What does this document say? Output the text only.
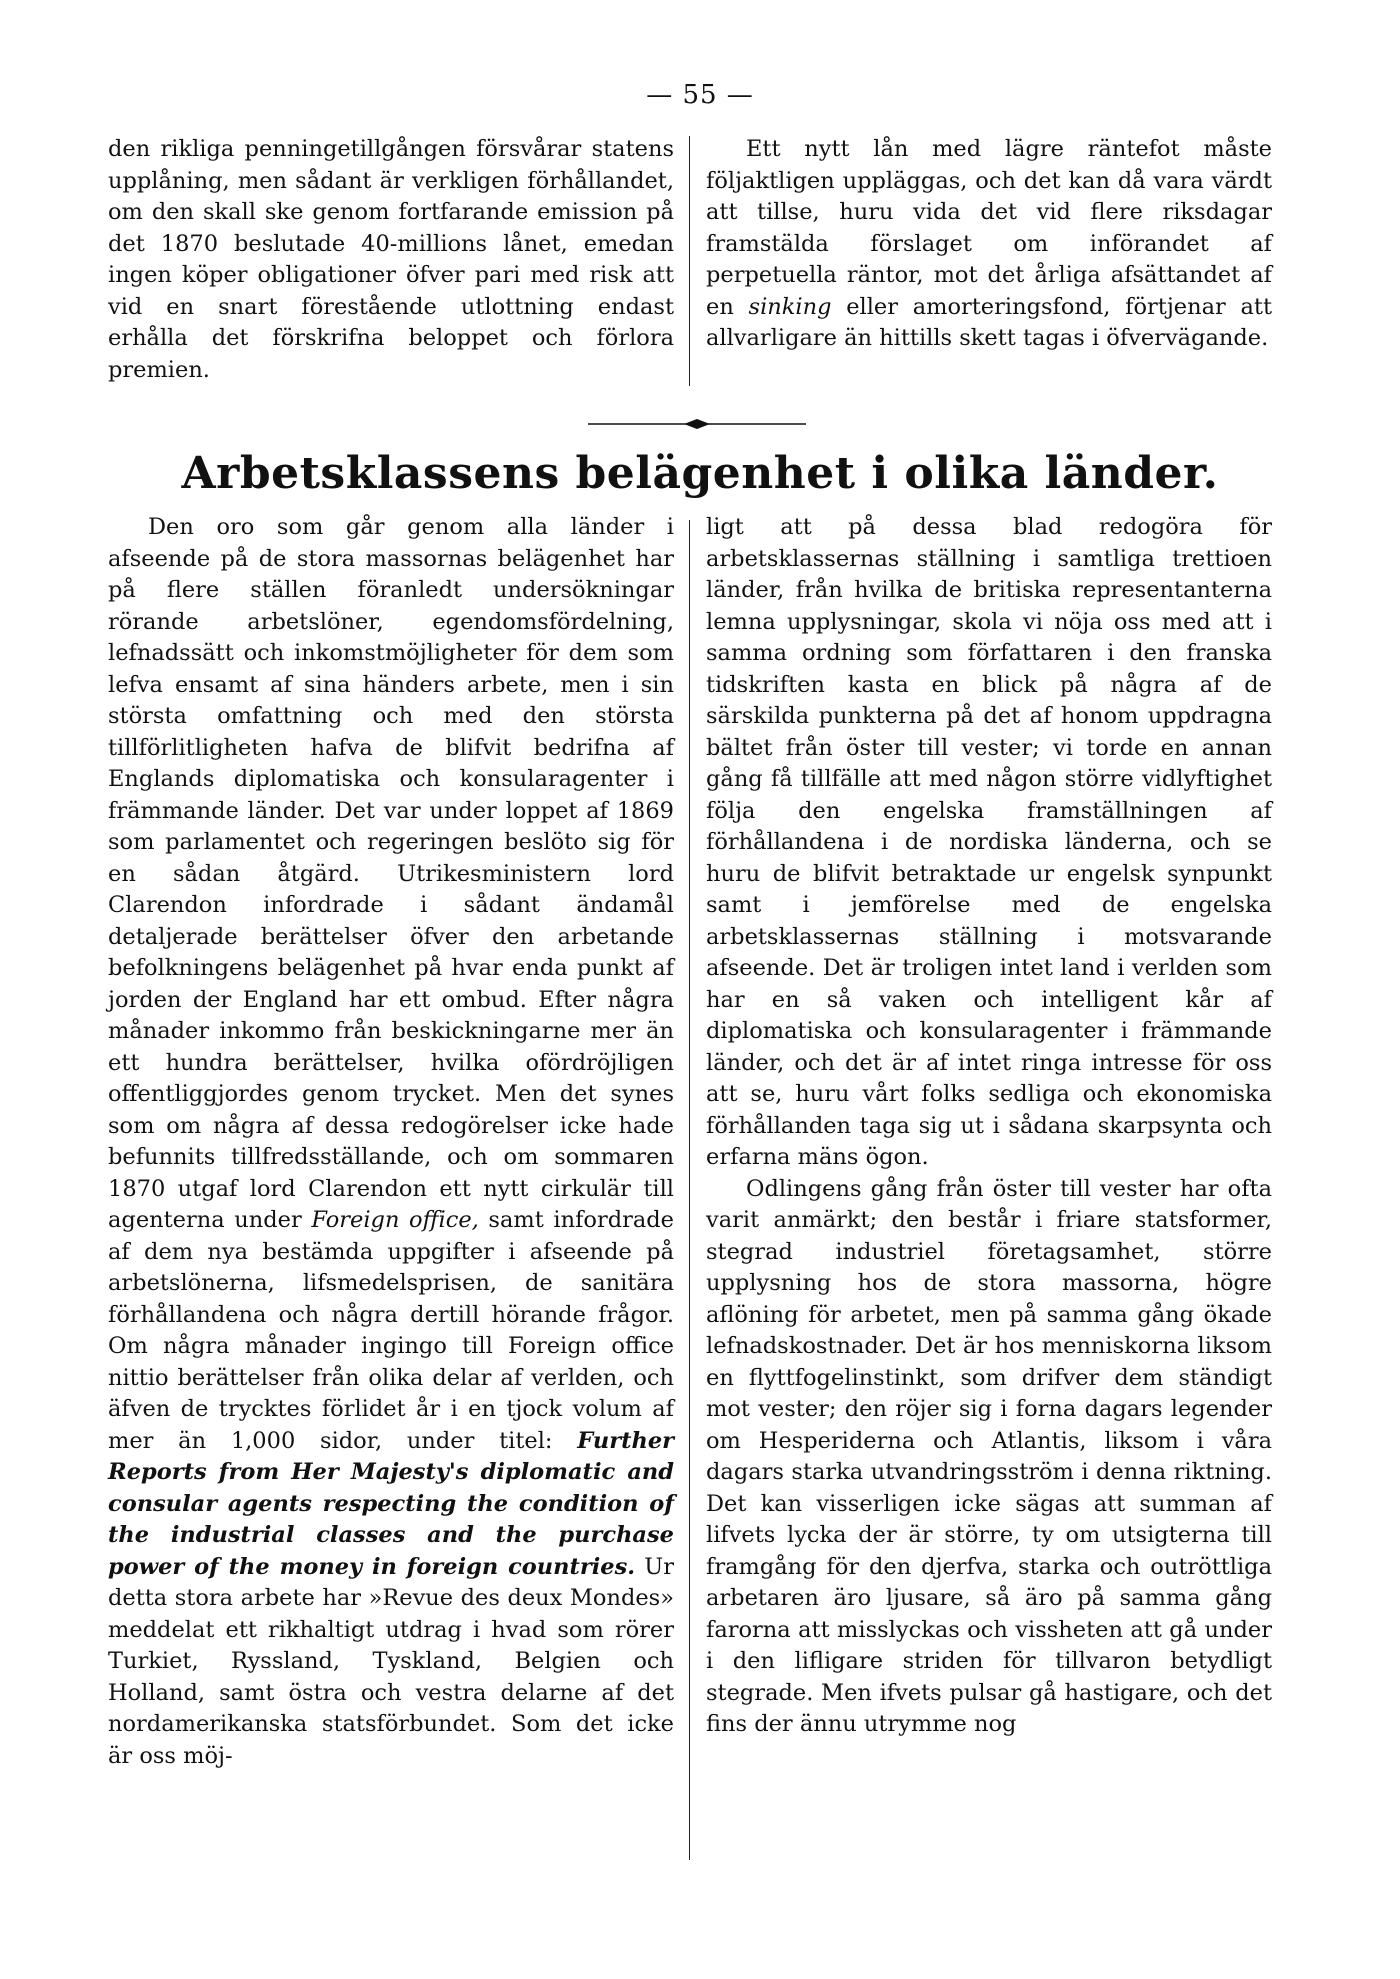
— 55 —

den rikliga penningetillgången försvårar statens upplåning, men sådant är verkligen förhållandet, om den skall ske genom fortfarande emission på det 1870 beslutade 40-millions lånet, emedan ingen köper obligationer öfver pari med risk att vid en snart förestående utlottning endast erhålla det förskrifna beloppet och förlora premien.

Ett nytt lån med lägre räntefot måste följaktligen uppläggas, och det kan då vara värdt att tillse, huru vida det vid flere riksdagar framstälda förslaget om införandet af perpetuella räntor, mot det årliga afsättandet af en sinking eller amorteringsfond, förtjenar att allvarligare än hittills skett tagas i öfvervägande.

Arbetsklassens belägenhet i olika länder.

Den oro som går genom alla länder i afseende på de stora massornas belägenhet har på flere ställen föranledt undersökningar rörande arbetslöner, egendomsfördelning, lefnadssätt och inkomstmöjligheter för dem som lefva ensamt af sina händers arbete, men i sin största omfattning och med den största tillförlitligheten hafva de blifvit bedrifna af Englands diplomatiska och konsularagenter i främmande länder. Det var under loppet af 1869 som parlamentet och regeringen beslöto sig för en sådan åtgärd. Utrikesministern lord Clarendon infordrade i sådant ändamål detaljerade berättelser öfver den arbetande befolkningens belägenhet på hvar enda punkt af jorden der England har ett ombud. Efter några månader inkommo från beskickningarne mer än ett hundra berättelser, hvilka ofördröjligen offentliggjordes genom trycket. Men det synes som om några af dessa redogörelser icke hade befunnits tillfredsställande, och om sommaren 1870 utgaf lord Clarendon ett nytt cirkulär till agenterna under Foreign office, samt infordrade af dem nya bestämda uppgifter i afseende på arbetslönerna, lifsmedelsprisen, de sanitära förhållandena och några dertill hörande frågor. Om några månader ingingo till Foreign office nittio berättelser från olika delar af verlden, och äfven de trycktes förlidet år i en tjock volum af mer än 1,000 sidor, under titel: Further Reports from Her Majesty's diplomatic and consular agents respecting the condition of the industrial classes and the purchase power of the money in foreign countries. Ur detta stora arbete har »Revue des deux Mondes» meddelat ett rikhaltigt utdrag i hvad som rörer Turkiet, Ryssland, Tyskland, Belgien och Holland, samt östra och vestra delarne af det nordamerikanska statsförbundet. Som det icke är oss möj-

ligt att på dessa blad redogöra för arbetsklassernas ställning i samtliga trettioen länder, från hvilka de britiska representanterna lemna upplysningar, skola vi nöja oss med att i samma ordning som författaren i den franska tidskriften kasta en blick på några af de särskilda punkterna på det af honom uppdragna bältet från öster till vester; vi torde en annan gång få tillfälle att med någon större vidlyftighet följa den engelska framställningen af förhållandena i de nordiska länderna, och se huru de blifvit betraktade ur engelsk synpunkt samt i jemförelse med de engelska arbetsklassernas ställning i motsvarande afseende. Det är troligen intet land i verlden som har en så vaken och intelligent kår af diplomatiska och konsularagenter i främmande länder, och det är af intet ringa intresse för oss att se, huru vårt folks sedliga och ekonomiska förhållanden taga sig ut i sådana skarpsynta och erfarna mäns ögon.

Odlingens gång från öster till vester har ofta varit anmärkt; den består i friare statsformer, stegrad industriel företagsamhet, större upplysning hos de stora massorna, högre aflöning för arbetet, men på samma gång ökade lefnadskostnader. Det är hos menniskorna liksom en flyttfogelinstinkt, som drifver dem ständigt mot vester; den röjer sig i forna dagars legender om Hesperiderna och Atlantis, liksom i våra dagars starka utvandringsström i denna riktning. Det kan visserligen icke sägas att summan af lifvets lycka der är större, ty om utsigterna till framgång för den djerfva, starka och outröttliga arbetaren äro ljusare, så äro på samma gång farorna att misslyckas och vissheten att gå under i den lifligare striden för tillvaron betydligt stegrade. Men ifvets pulsar gå hastigare, och det fins der ännu utrymme nog
